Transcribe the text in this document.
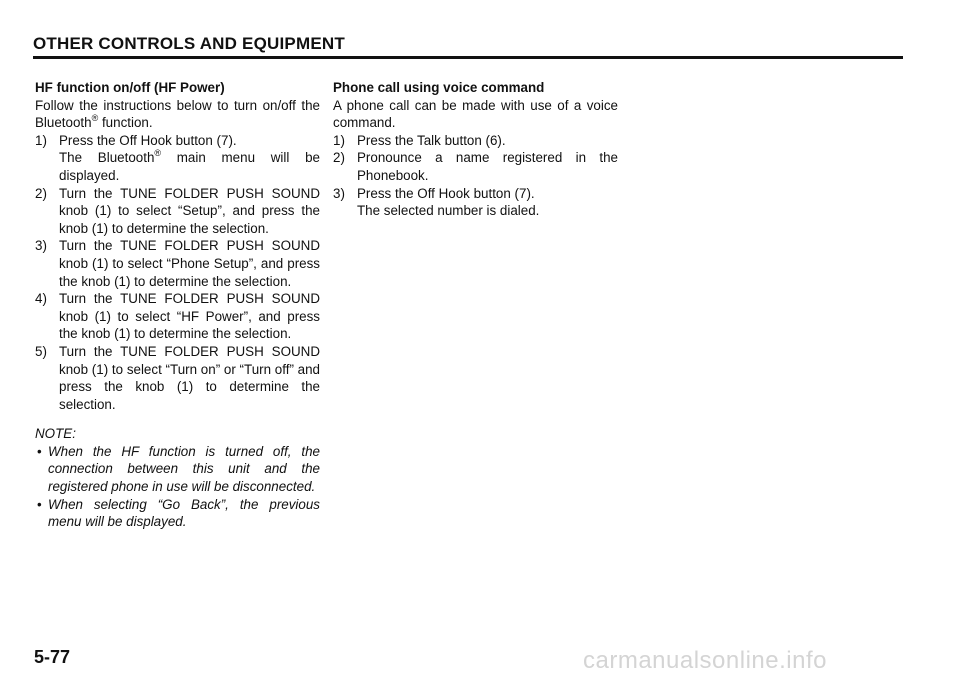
OTHER CONTROLS AND EQUIPMENT

HF function on/off (HF Power)

Follow the instructions below to turn on/off the Bluetooth® function.

1) Press the Off Hook button (7).
The Bluetooth® main menu will be displayed.
2) Turn the TUNE FOLDER PUSH SOUND knob (1) to select “Setup”, and press the knob (1) to determine the selection.
3) Turn the TUNE FOLDER PUSH SOUND knob (1) to select “Phone Setup”, and press the knob (1) to determine the selection.
4) Turn the TUNE FOLDER PUSH SOUND knob (1) to select “HF Power”, and press the knob (1) to determine the selection.
5) Turn the TUNE FOLDER PUSH SOUND knob (1) to select “Turn on” or “Turn off” and press the knob (1) to determine the selection.

NOTE:

• When the HF function is turned off, the connection between this unit and the registered phone in use will be disconnected.
• When selecting “Go Back”, the previous menu will be displayed.

Phone call using voice command

A phone call can be made with use of a voice command.

1) Press the Talk button (6).
2) Pronounce a name registered in the Phonebook.
3) Press the Off Hook button (7).
The selected number is dialed.
5-77	carmanualsonline.info
